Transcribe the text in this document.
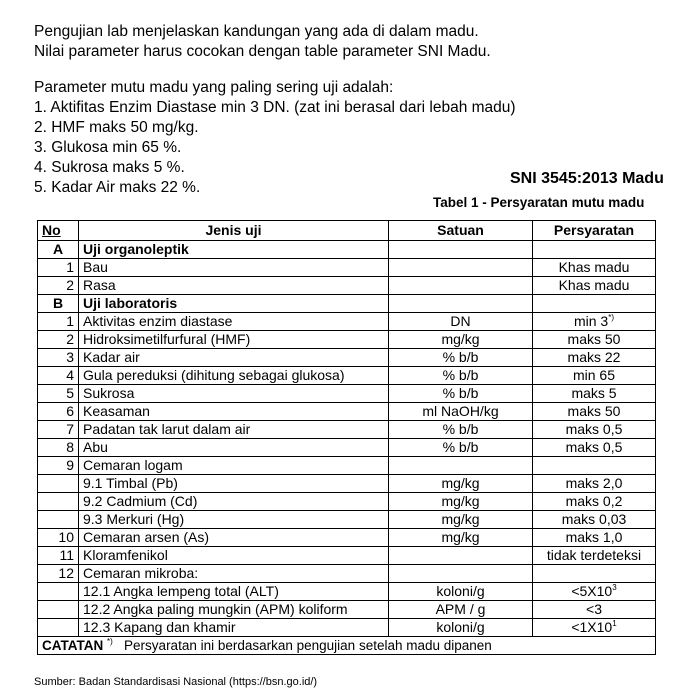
Pengujian lab menjelaskan kandungan yang ada di dalam madu.

Nilai parameter harus cocokan dengan table parameter SNI Madu.

Parameter mutu madu yang paling sering uji adalah:

1. Aktifitas Enzim Diastase min 3 DN. (zat ini berasal dari lebah madu)

2. HMF maks 50 mg/kg.

3. Glukosa min 65 %.

4. Sukrosa maks 5 %.

5. Kadar Air maks 22 %.

SNI 3545:2013 Madu
Tabel 1 - Persyaratan mutu madu
No	Jenis uji	Satuan	Persyaratan
A	Uji organoleptik		
1	Bau		Khas madu
2	Rasa		Khas madu
B	Uji laboratoris		
1	Aktivitas enzim diastase	DN	min 3*)
2	Hidroksimetilfurfural (HMF)	mg/kg	maks 50
3	Kadar air	% b/b	maks 22
4	Gula pereduksi (dihitung sebagai glukosa)	% b/b	min 65
5	Sukrosa	% b/b	maks 5
6	Keasaman	ml NaOH/kg	maks 50
7	Padatan tak larut dalam air	% b/b	maks 0,5
8	Abu	% b/b	maks 0,5
9	Cemaran logam		
	9.1 Timbal (Pb)	mg/kg	maks 2,0
	9.2 Cadmium (Cd)	mg/kg	maks 0,2
	9.3 Merkuri (Hg)	mg/kg	maks 0,03
10	Cemaran arsen (As)	mg/kg	maks 1,0
11	Kloramfenikol		tidak terdeteksi
12	Cemaran mikroba:		
	12.1 Angka lempeng total (ALT)	koloni/g	$<5X10^3$
	12.2 Angka paling mungkin (APM) koliform	APM / g	<3
	12.3 Kapang dan khamir	koloni/g	$<1X10^1$
CATATAN *) Persyaratan ini berdasarkan pengujian setelah madu dipanen			
Sumber: Badan Standardisasi Nasional (https://bsn.go.id/)
